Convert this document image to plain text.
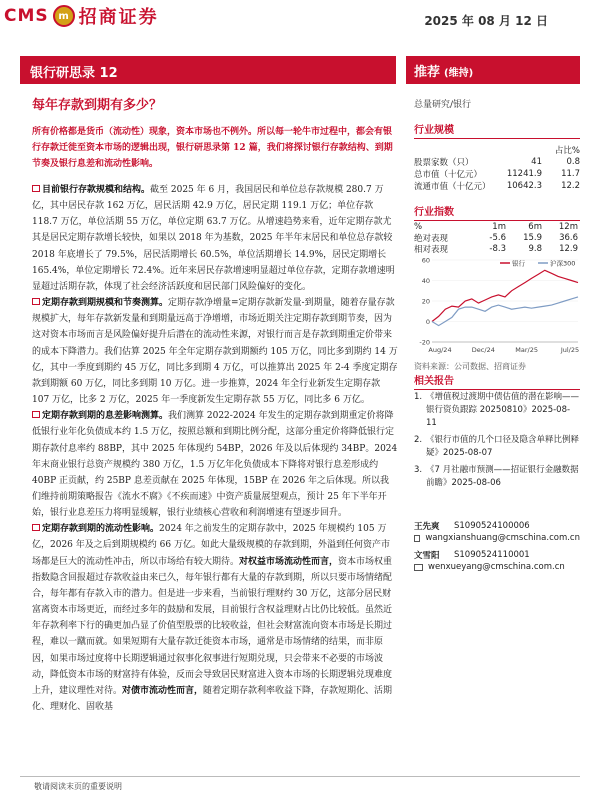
CMS m 招商证券	2025 年 08 月 12 日
银行研思录 12	推荐 (维持)
每年存款到期有多少？	总量研究/银行
所有价格都是货币（流动性）现象，资本市场也不例外。所以每一轮牛市过程中，都会有银行存款迁徙至资本市场的逻辑出现，银行研思录第 12 篇，我们将探讨银行存款结构、到期节奏及银行息差和流动性影响。

目前银行存款规模和结构。截至 2025 年 6 月，我国居民和单位总存款规模 280.7 万亿，其中居民存款 162 万亿，居民活期 42.9 万亿，居民定期 119.1 万亿；单位存款 118.7 万亿，单位活期 55 万亿，单位定期 63.7 万亿。从增速趋势来看，近年定期存款尤其是居民定期存款增长较快，如果以 2018 年为基数，2025 年半年末居民和单位总存款较 2018 年底增长了 79.5%，居民活期增长 60.5%，单位活期增长 14.9%，居民定期增长 165.4%，单位定期增长 72.4%。近年来居民存款增速明显超过单位存款，定期存款增速明显超过活期存款，体现了社会经济活跃度和居民部门风险偏好的变化。

定期存款到期规模和节奏测算。定期存款净增量=定期存款新发量-到期量，随着存量存款规模扩大，每年存款新发量和到期量远高于净增增，市场近期关注定期存款到期节奏，因为这对资本市场而言是风险偏好提升后潜在的流动性来源，对银行而言是存款到期重定价带来的成本下降潜力。我们估算 2025 年全年定期存款到期额约 105 万亿，同比多到期约 14 万亿，其中一季度到期约 45 万亿，同比多到期 4 万亿，可以推算出 2025 年 2-4 季度定期存款到期额 60 万亿，同比多到期 10 万亿。进一步推算，2024 年全行业新发生定期存款 107 万亿，比多 2 万亿，2025 年一季度新发生定期存款 55 万亿，同比多 6 万亿。

定期存款到期的息差影响测算。我们测算 2022-2024 年发生的定期存款到期重定价将降低银行业年化负债成本约 1.5 万亿，按照总额和到期比例分配，这部分重定价将降低银行定期存款付息率约 88BP，其中 2025 年体现约 54BP，2026 年及以后体现约 34BP。2024 年末商业银行总资产规模约 380 万亿，1.5 万亿年化负债成本下降将对银行息差形成约 40BP 正贡献，约 25BP 息差贡献在 2025 年体现，15BP 在 2026 年之后体现。所以我们维持前期策略报告《流水不腐》《不疾而速》中资产质量展望观点，预计 25 年下半年开始，银行业息差压力将明显缓解，银行业绩核心营收和利润增速有望逐步回升。

定期存款到期的流动性影响。2024 年之前发生的定期存款中，2025 年规模约 105 万亿，2026 年及之后到期规模约 66 万亿。如此大量级规模的存款到期，外溢到任何资产市场都是巨大的流动性冲击，所以市场给有较大期待。对权益市场流动性而言，资本市场权重指数隐含回报超过存款收益由来已久，每年银行都有大量的存款到期，所以只要市场情绪配合，每年都有存款入市的潜力。但是进一步来看，当前银行理财约 30 万亿，这部分居民财富离资本市场更近，而经过多年的鼓励和发展，目前银行含权益理财占比仍比较低。虽然近年存款利率下行的确更加凸显了价值型股票的比较收益，但社会财富流向资本市场是长期过程，难以一蹴而就。如果短期有大量存款迁徙资本市场，通常是市场情绪的结果，而非原因，如果市场过度将中长期逻辑通过叙事化叙事进行短期兑现，只会带来不必要的市场波动，降低资本市场的财富持有体验，反而会导致居民财富进入资本市场的长期逻辑兑现难度上升，建议理性对待。对债市流动性而言，随着定期存款利率收益下降，存款短期化、活期化、理财化、固收基

行业规模
占比%
股票家数（只）	41	0.8
总市值（十亿元）	11241.9	11.7
流通市值（十亿元）	10642.3	12.2
行业指数
%	1m	6m	12m
绝对表现	-5.6	15.9	36.6
相对表现	-8.3	9.8	12.9
60
40
20
0
-20
Aug/24	Dec/24	Mar/25	Jul/25
银行	沪深300
资料来源：公司数据、招商证券
相关报告
1. 《增值税过渡期中债估值的潜在影响——银行资负跟踪 20250810》2025-08-11
2. 《银行市值的几个口径及隐含单释比例释疑》2025-08-07
3. 《7 月社融市预测——招证银行金融数据前瞻》2025-08-06
王先爽	S1090524100006
wangxianshuang@cmschina.com.cn
文雪阳	S1090524110001
wenxueyang@cmschina.com.cn
敬请阅读末页的重要说明
